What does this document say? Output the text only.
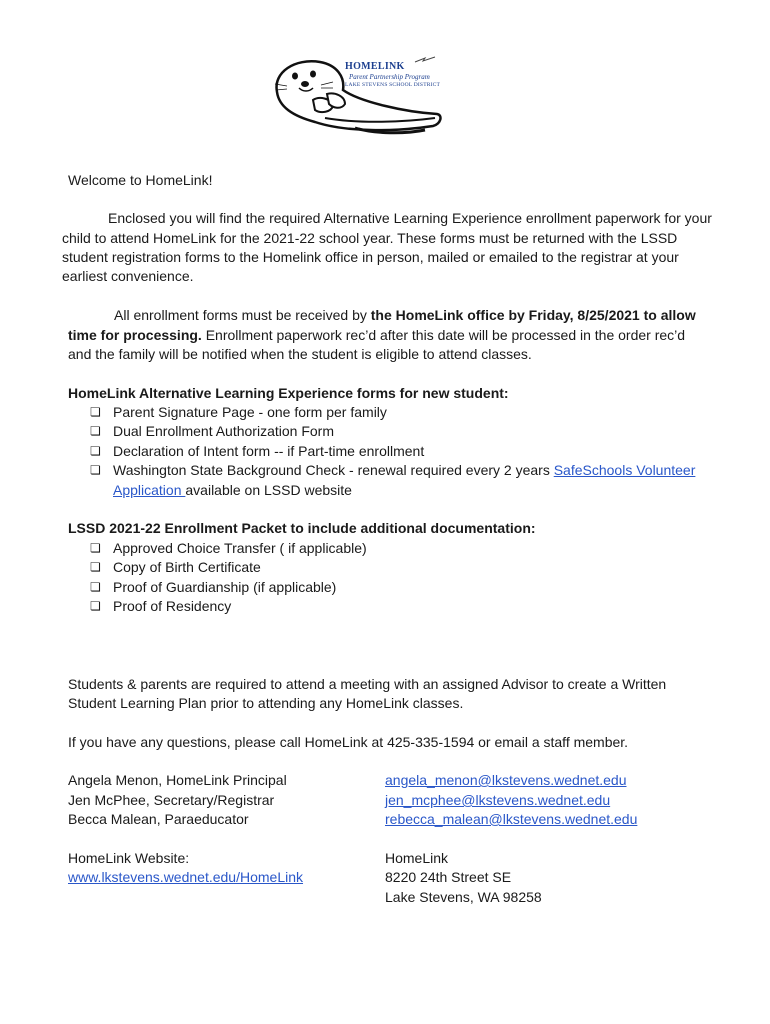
HOMELINK
Parent Partnership Program
LAKE STEVENS SCHOOL DISTRICT
Welcome to HomeLink!
Enclosed you will find the required Alternative Learning Experience enrollment paperwork for your
child to attend HomeLink for the 2021-22 school year. These forms must be returned with the LSSD
student registration forms to the Homelink office in person, mailed or emailed to the registrar at your
earliest convenience.
All enrollment forms must be received by the HomeLink office by Friday, 8/25/2021 to allow
time for processing. Enrollment paperwork rec’d after this date will be processed in the order rec’d
and the family will be notified when the student is eligible to attend classes.
HomeLink Alternative Learning Experience forms for new student:
❏ Parent Signature Page - one form per family
❏ Dual Enrollment Authorization Form
❏ Declaration of Intent form -- if Part-time enrollment
❏ Washington State Background Check - renewal required every 2 years SafeSchools Volunteer
Application available on LSSD website
LSSD 2021-22 Enrollment Packet to include additional documentation:
❏ Approved Choice Transfer ( if applicable)
❏ Copy of Birth Certificate
❏ Proof of Guardianship (if applicable)
❏ Proof of Residency
Students & parents are required to attend a meeting with an assigned Advisor to create a Written
Student Learning Plan prior to attending any HomeLink classes.
If you have any questions, please call HomeLink at 425-335-1594 or email a staff member.
Angela Menon, HomeLink Principal	angela_menon@lkstevens.wednet.edu
Jen McPhee, Secretary/Registrar	jen_mcphee@lkstevens.wednet.edu
Becca Malean, Paraeducator	rebecca_malean@lkstevens.wednet.edu
HomeLink Website:
www.lkstevens.wednet.edu/HomeLink
HomeLink
8220 24th Street SE
Lake Stevens, WA 98258
